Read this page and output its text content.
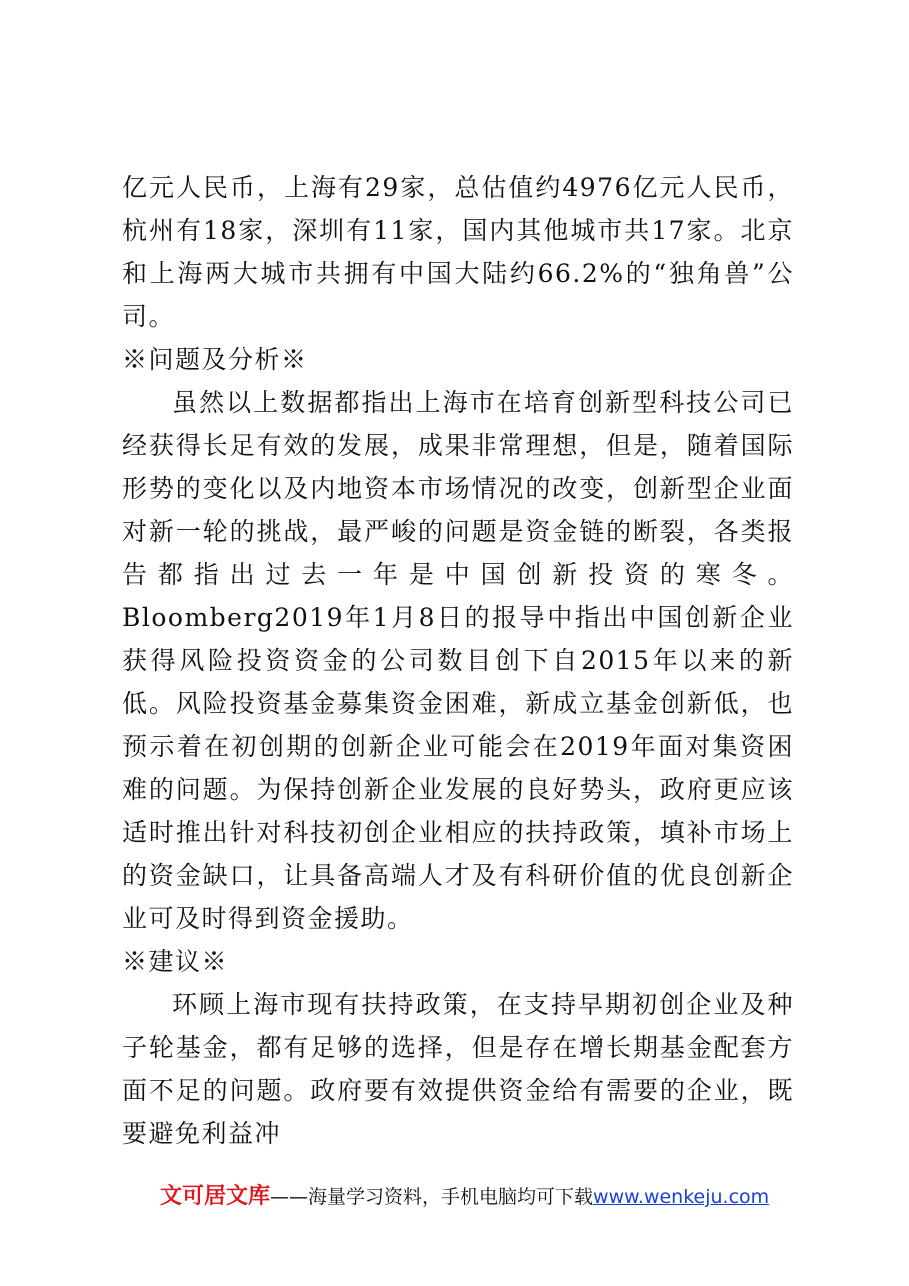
亿元人民币，上海有29家，总估值约4976亿元人民币，杭州有18家，深圳有11家，国内其他城市共17家。北京和上海两大城市共拥有中国大陆约66.2%的“独角兽”公司。

※问题及分析※

虽然以上数据都指出上海市在培育创新型科技公司已经获得长足有效的发展，成果非常理想，但是，随着国际形势的变化以及内地资本市场情况的改变，创新型企业面对新一轮的挑战，最严峻的问题是资金链的断裂，各类报告都指出过去一年是中国创新投资的寒冬。Bloomberg2019年1月8日的报导中指出中国创新企业获得风险投资资金的公司数目创下自2015年以来的新低。风险投资基金募集资金困难，新成立基金创新低，也预示着在初创期的创新企业可能会在2019年面对集资困难的问题。为保持创新企业发展的良好势头，政府更应该适时推出针对科技初创企业相应的扶持政策，填补市场上的资金缺口，让具备高端人才及有科研价值的优良创新企业可及时得到资金援助。

※建议※

环顾上海市现有扶持政策，在支持早期初创企业及种子轮基金，都有足够的选择，但是存在增长期基金配套方面不足的问题。政府要有效提供资金给有需要的企业，既要避免利益冲

文可居文库——海量学习资料，手机电脑均可下载www.wenkeju.com
